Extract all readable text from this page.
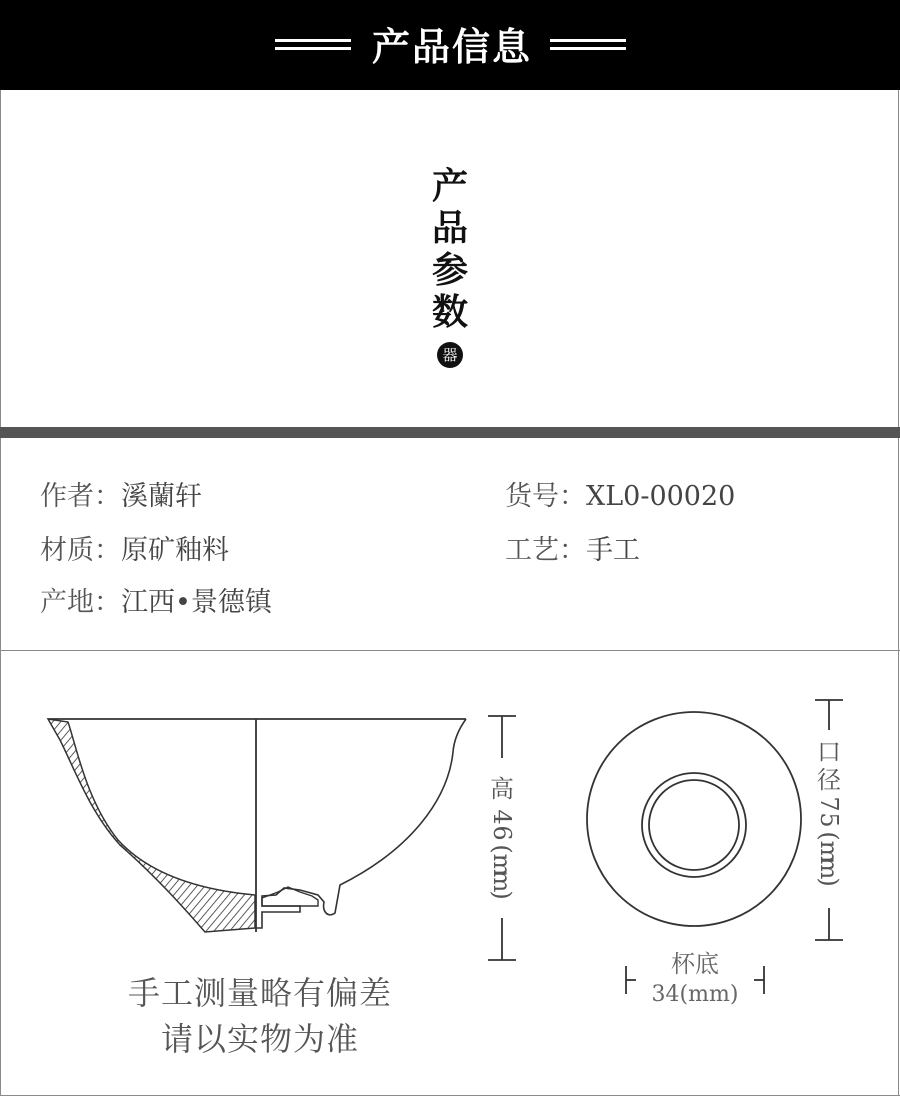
产品信息
产
品
参
数
器
作者：溪蘭轩	货号：XL0-00020
材质：原矿釉料	工艺：手工
产地：江西•景德镇
高
4
6
(
m
m
)
口
径
7
5
(
m
m
)
杯底
34(mm)
手工测量略有偏差
请以实物为准
